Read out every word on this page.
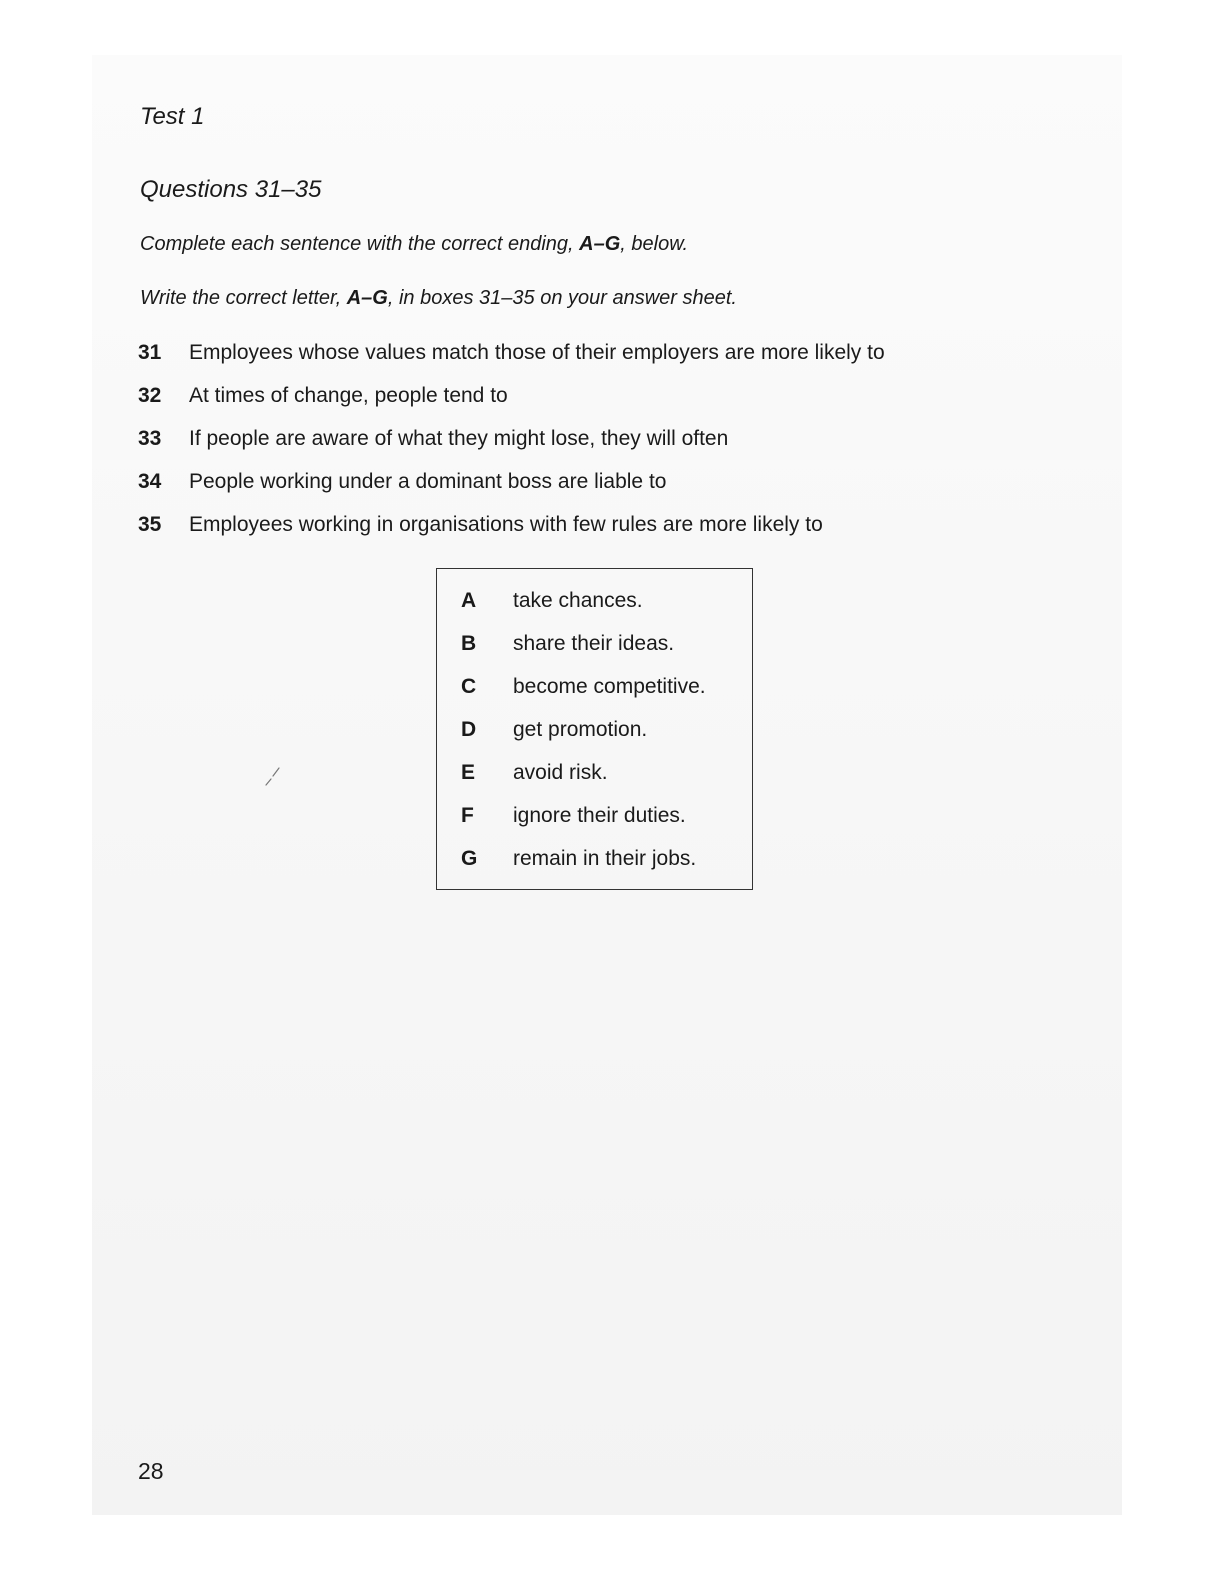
Test 1
Questions 31–35
Complete each sentence with the correct ending, A–G, below.
Write the correct letter, A–G, in boxes 31–35 on your answer sheet.
31	Employees whose values match those of their employers are more likely to
32	At times of change, people tend to
33	If people are aware of what they might lose, they will often
34	People working under a dominant boss are liable to
35	Employees working in organisations with few rules are more likely to
A	take chances.
B	share their ideas.
C	become competitive.
D	get promotion.
E	avoid risk.
F	ignore their duties.
G	remain in their jobs.
28
